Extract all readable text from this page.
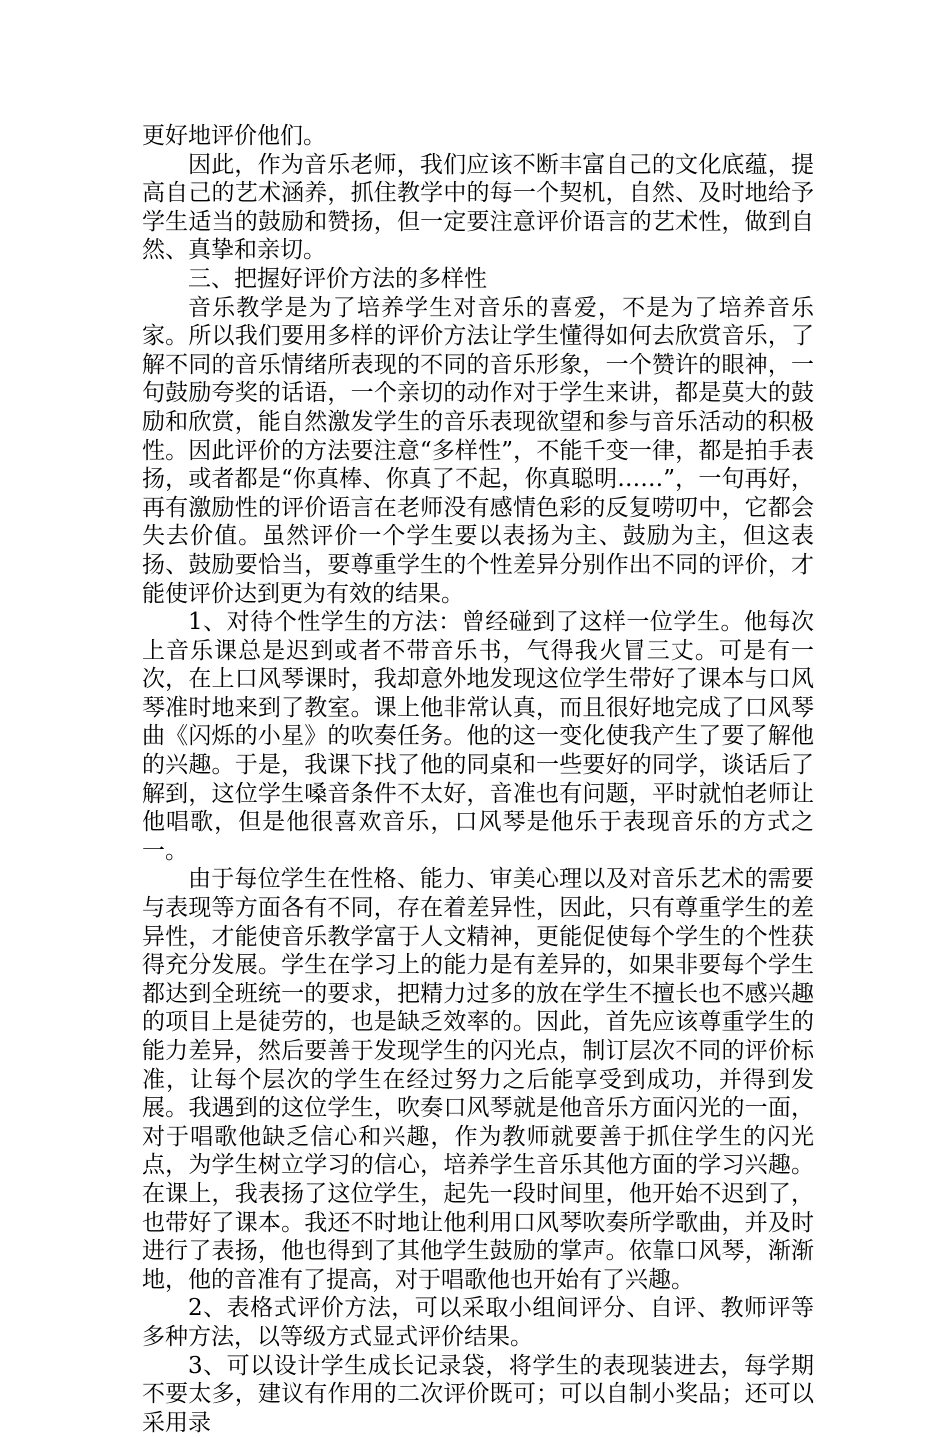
更好地评价他们。

因此，作为音乐老师，我们应该不断丰富自己的文化底蕴，提高自己的艺术涵养，抓住教学中的每一个契机，自然、及时地给予学生适当的鼓励和赞扬，但一定要注意评价语言的艺术性，做到自然、真挚和亲切。

三、把握好评价方法的多样性

音乐教学是为了培养学生对音乐的喜爱，不是为了培养音乐家。所以我们要用多样的评价方法让学生懂得如何去欣赏音乐，了解不同的音乐情绪所表现的不同的音乐形象，一个赞许的眼神，一句鼓励夸奖的话语，一个亲切的动作对于学生来讲，都是莫大的鼓励和欣赏，能自然激发学生的音乐表现欲望和参与音乐活动的积极性。因此评价的方法要注意“多样性”，不能千变一律，都是拍手表扬，或者都是“你真棒、你真了不起，你真聪明……”，一句再好，再有激励性的评价语言在老师没有感情色彩的反复唠叨中，它都会失去价值。虽然评价一个学生要以表扬为主、鼓励为主，但这表扬、鼓励要恰当，要尊重学生的个性差异分别作出不同的评价，才能使评价达到更为有效的结果。

1、对待个性学生的方法：曾经碰到了这样一位学生。他每次上音乐课总是迟到或者不带音乐书，气得我火冒三丈。可是有一次，在上口风琴课时，我却意外地发现这位学生带好了课本与口风琴准时地来到了教室。课上他非常认真，而且很好地完成了口风琴曲《闪烁的小星》的吹奏任务。他的这一变化使我产生了要了解他的兴趣。于是，我课下找了他的同桌和一些要好的同学，谈话后了解到，这位学生嗓音条件不太好，音准也有问题，平时就怕老师让他唱歌，但是他很喜欢音乐，口风琴是他乐于表现音乐的方式之一。

由于每位学生在性格、能力、审美心理以及对音乐艺术的需要与表现等方面各有不同，存在着差异性，因此，只有尊重学生的差异性，才能使音乐教学富于人文精神，更能促使每个学生的个性获得充分发展。学生在学习上的能力是有差异的，如果非要每个学生都达到全班统一的要求，把精力过多的放在学生不擅长也不感兴趣的项目上是徒劳的，也是缺乏效率的。因此，首先应该尊重学生的能力差异，然后要善于发现学生的闪光点，制订层次不同的评价标准，让每个层次的学生在经过努力之后能享受到成功，并得到发展。我遇到的这位学生，吹奏口风琴就是他音乐方面闪光的一面，对于唱歌他缺乏信心和兴趣，作为教师就要善于抓住学生的闪光点，为学生树立学习的信心，培养学生音乐其他方面的学习兴趣。在课上，我表扬了这位学生，起先一段时间里，他开始不迟到了，也带好了课本。我还不时地让他利用口风琴吹奏所学歌曲，并及时进行了表扬，他也得到了其他学生鼓励的掌声。依靠口风琴，渐渐地，他的音准有了提高，对于唱歌他也开始有了兴趣。

2、表格式评价方法，可以采取小组间评分、自评、教师评等多种方法，以等级方式显式评价结果。

3、可以设计学生成长记录袋，将学生的表现装进去，每学期不要太多，建议有作用的二次评价既可；可以自制小奖品；还可以采用录
